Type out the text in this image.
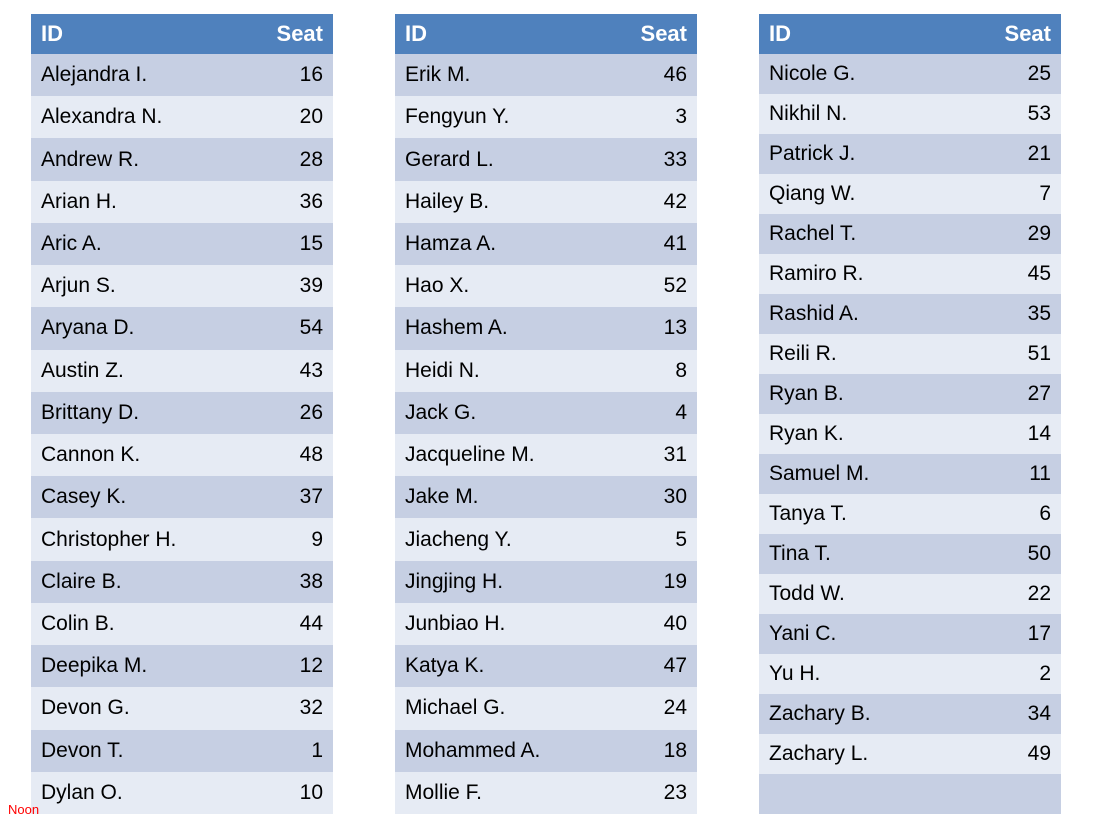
ID	Seat
Alejandra I.	16
Alexandra N.	20
Andrew R.	28
Arian H.	36
Aric A.	15
Arjun S.	39
Aryana D.	54
Austin Z.	43
Brittany D.	26
Cannon K.	48
Casey K.	37
Christopher H.	9
Claire B.	38
Colin B.	44
Deepika M.	12
Devon G.	32
Devon T.	1
Dylan O.	10
ID	Seat
Erik M.	46
Fengyun Y.	3
Gerard L.	33
Hailey B.	42
Hamza A.	41
Hao X.	52
Hashem A.	13
Heidi N.	8
Jack G.	4
Jacqueline M.	31
Jake M.	30
Jiacheng Y.	5
Jingjing H.	19
Junbiao H.	40
Katya K.	47
Michael G.	24
Mohammed A.	18
Mollie F.	23
ID	Seat
Nicole G.	25
Nikhil N.	53
Patrick J.	21
Qiang W.	7
Rachel T.	29
Ramiro R.	45
Rashid A.	35
Reili R.	51
Ryan B.	27
Ryan K.	14
Samuel M.	11
Tanya T.	6
Tina T.	50
Todd W.	22
Yani C.	17
Yu H.	2
Zachary B.	34
Zachary L.	49

Noon
